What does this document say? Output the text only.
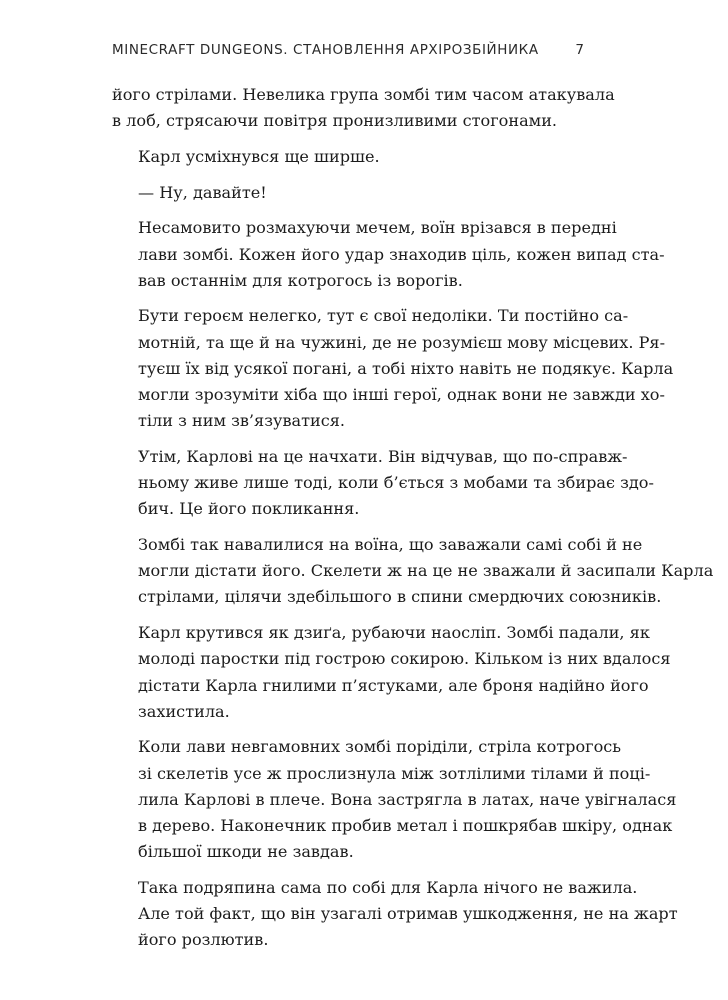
MINECRAFT DUNGEONS. СТАНОВЛЕННЯ АРХІРОЗБІЙНИКА	7

його стрілами. Невелика група зомбі тим часом атакувала
в лоб, стрясаючи повітря пронизливими стогонами.

Карл усміхнувся ще ширше.

— Ну, давайте!

Несамовито розмахуючи мечем, воїн врізався в передні
лави зомбі. Кожен його удар знаходив ціль, кожен випад ста-
вав останнім для котрогось із ворогів.

Бути героєм нелегко, тут є свої недоліки. Ти постійно са-
мотній, та ще й на чужині, де не розумієш мову місцевих. Ря-
туєш їх від усякої погані, а тобі ніхто навіть не подякує. Карла
могли зрозуміти хіба що інші герої, однак вони не завжди хо-
тіли з ним зв’язуватися.

Утім, Карлові на це начхати. Він відчував, що по-справж-
ньому живе лише тоді, коли б’ється з мобами та збирає здо-
бич. Це його покликання.

Зомбі так навалилися на воїна, що заважали самі собі й не
могли дістати його. Скелети ж на це не зважали й засипали Карла
стрілами, цілячи здебільшого в спини смердючих союзників.

Карл крутився як дзиґа, рубаючи наосліп. Зомбі падали, як
молоді паростки під гострою сокирою. Кільком із них вдалося
дістати Карла гнилими п’ястуками, але броня надійно його
захистила.

Коли лави невгамовних зомбі поріділи, стріла котрогось
зі скелетів усе ж прослизнула між зотлілими тілами й поці-
лила Карлові в плече. Вона застрягла в латах, наче увігналася
в дерево. Наконечник пробив метал і пошкрябав шкіру, однак
більшої шкоди не завдав.

Така подряпина сама по собі для Карла нічого не важила.
Але той факт, що він узагалі отримав ушкодження, не на жарт
його розлютив.
